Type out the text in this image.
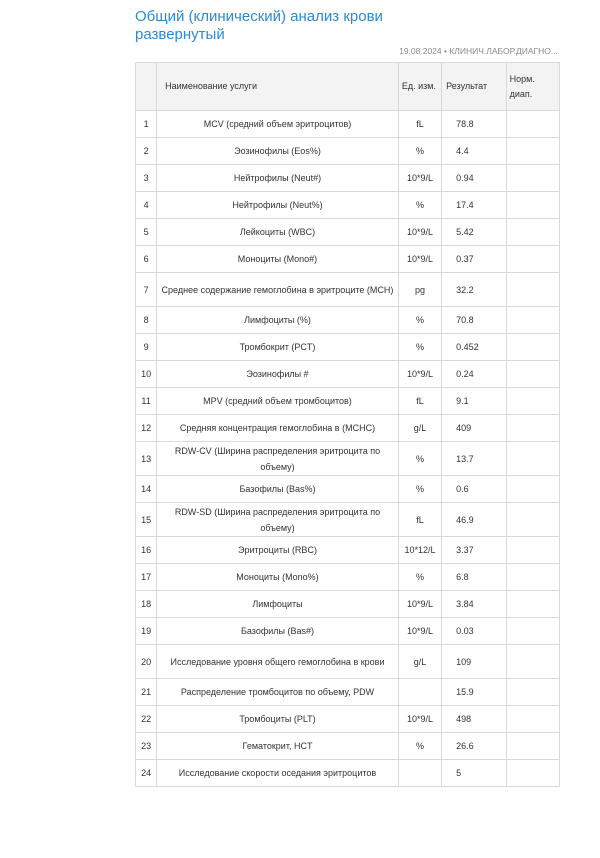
Общий (клинический) анализ крови развернутый
19.08.2024 • КЛИНИЧ.ЛАБОР.ДИАГНО...
	Наименование услуги	Ед. изм.	Результат	Норм. диап.
1	MCV (средний объем эритроцитов)	fL	78.8	
2	Эозинофилы (Eos%)	%	4.4	
3	Нейтрофилы (Neut#)	10*9/L	0.94	
4	Нейтрофилы (Neut%)	%	17.4	
5	Лейкоциты (WBC)	10*9/L	5.42	
6	Моноциты (Mono#)	10*9/L	0.37	
7	Среднее содержание гемоглобина в эритроците (MCH)	pg	32.2	
8	Лимфоциты (%)	%	70.8	
9	Тромбокрит (PCT)	%	0.452	
10	Эозинофилы #	10*9/L	0.24	
11	MPV (средний объем тромбоцитов)	fL	9.1	
12	Средняя концентрация гемоглобина в (MCHC)	g/L	409	
13	RDW-CV (Ширина распределения эритроцита по объему)	%	13.7	
14	Базофилы (Bas%)	%	0.6	
15	RDW-SD (Ширина распределения эритроцита по объему)	fL	46.9	
16	Эритроциты (RBC)	10*12/L	3.37	
17	Моноциты (Mono%)	%	6.8	
18	Лимфоциты	10*9/L	3.84	
19	Базофилы (Bas#)	10*9/L	0.03	
20	Исследование уровня общего гемоглобина в крови	g/L	109	
21	Распределение тромбоцитов по объему, PDW		15.9	
22	Тромбоциты (PLT)	10*9/L	498	
23	Гематокрит, HCT	%	26.6	
24	Исследование скорости оседания эритроцитов		5	
